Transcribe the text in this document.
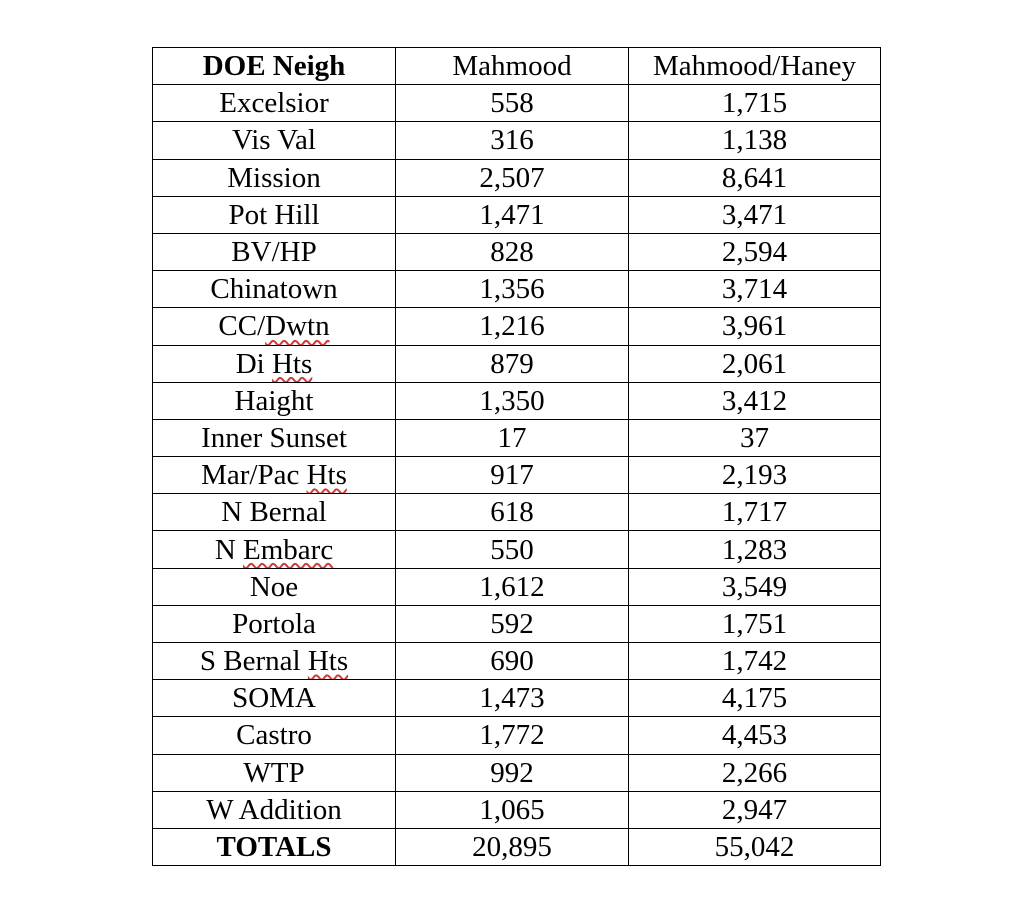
DOE Neigh	Mahmood	Mahmood/Haney
Excelsior	558	1,715
Vis Val	316	1,138
Mission	2,507	8,641
Pot Hill	1,471	3,471
BV/HP	828	2,594
Chinatown	1,356	3,714
CC/Dwtn	1,216	3,961
Di Hts	879	2,061
Haight	1,350	3,412
Inner Sunset	17	37
Mar/Pac Hts	917	2,193
N Bernal	618	1,717
N Embarc	550	1,283
Noe	1,612	3,549
Portola	592	1,751
S Bernal Hts	690	1,742
SOMA	1,473	4,175
Castro	1,772	4,453
WTP	992	2,266
W Addition	1,065	2,947
TOTALS	20,895	55,042
